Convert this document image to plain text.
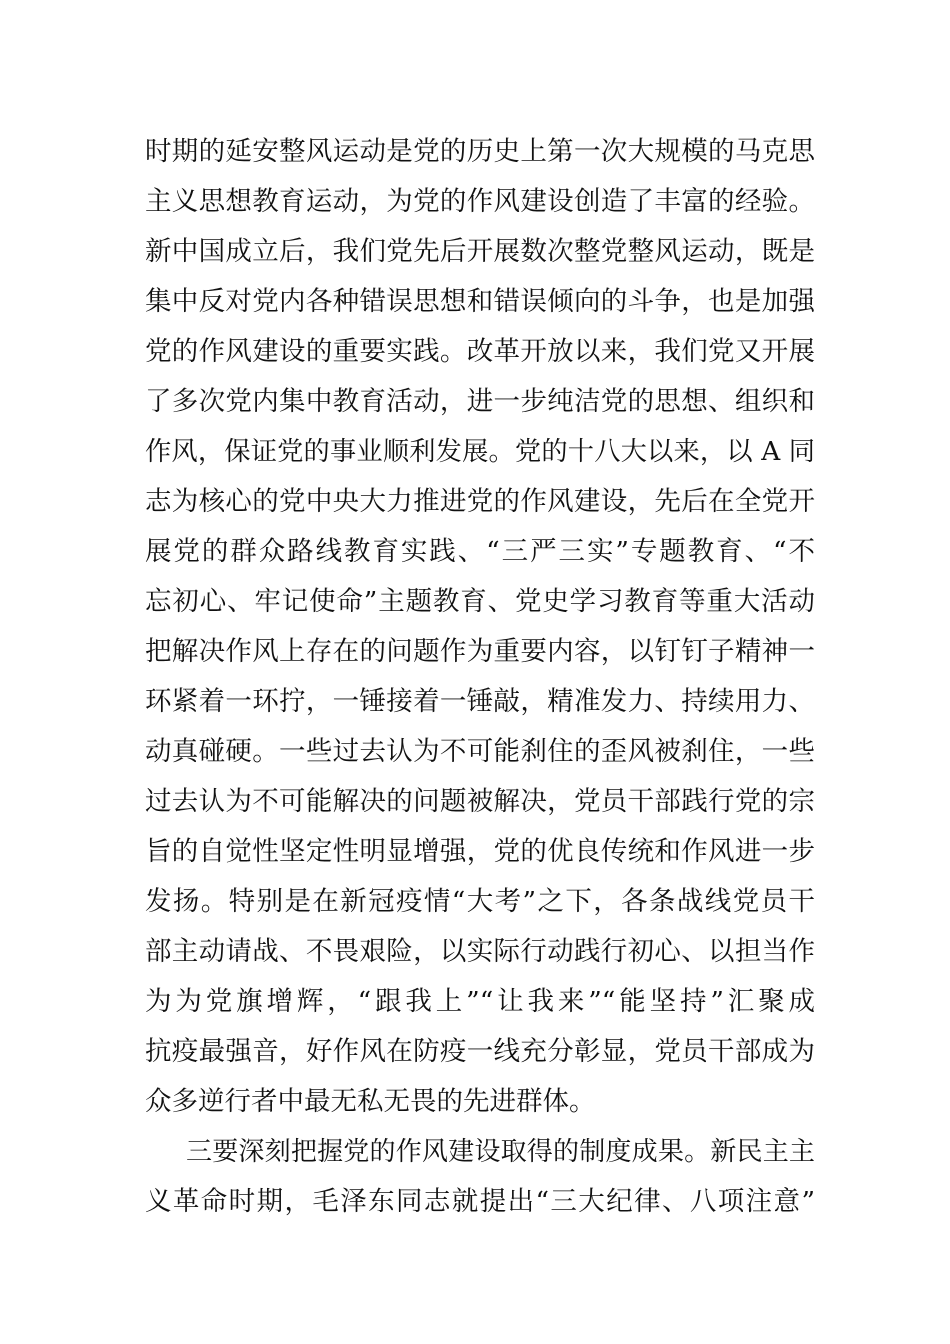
时期的延安整风运动是党的历史上第一次大规模的马克思
主义思想教育运动，为党的作风建设创造了丰富的经验。
新中国成立后，我们党先后开展数次整党整风运动，既是
集中反对党内各种错误思想和错误倾向的斗争，也是加强
党的作风建设的重要实践。改革开放以来，我们党又开展
了多次党内集中教育活动，进一步纯洁党的思想、组织和
作风，保证党的事业顺利发展。党的十八大以来，以 A 同
志为核心的党中央大力推进党的作风建设，先后在全党开
展党的群众路线教育实践、“三严三实”专题教育、“不
忘初心、牢记使命”主题教育、党史学习教育等重大活动
把解决作风上存在的问题作为重要内容，以钉钉子精神一
环紧着一环拧，一锤接着一锤敲，精准发力、持续用力、
动真碰硬。一些过去认为不可能刹住的歪风被刹住，一些
过去认为不可能解决的问题被解决，党员干部践行党的宗
旨的自觉性坚定性明显增强，党的优良传统和作风进一步
发扬。特别是在新冠疫情“大考”之下，各条战线党员干
部主动请战、不畏艰险，以实际行动践行初心、以担当作
为为党旗增辉，“跟我上”“让我来”“能坚持”汇聚成
抗疫最强音，好作风在防疫一线充分彰显，党员干部成为
众多逆行者中最无私无畏的先进群体。
三要深刻把握党的作风建设取得的制度成果。新民主主
义革命时期，毛泽东同志就提出“三大纪律、八项注意”
